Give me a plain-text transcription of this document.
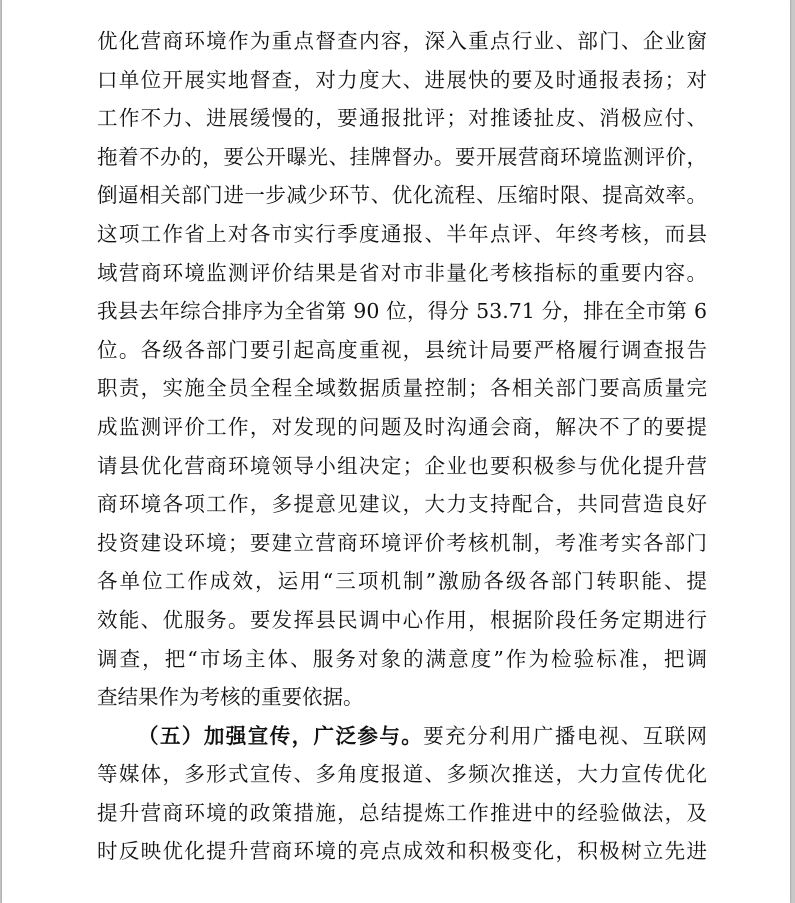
优化营商环境作为重点督查内容，深入重点行业、部门、企业窗
口单位开展实地督查，对力度大、进展快的要及时通报表扬；对
工作不力、进展缓慢的，要通报批评；对推诿扯皮、消极应付、
拖着不办的，要公开曝光、挂牌督办。要开展营商环境监测评价，
倒逼相关部门进一步减少环节、优化流程、压缩时限、提高效率。
这项工作省上对各市实行季度通报、半年点评、年终考核，而县
域营商环境监测评价结果是省对市非量化考核指标的重要内容。
我县去年综合排序为全省第 90 位，得分 53.71 分，排在全市第 6
位。各级各部门要引起高度重视，县统计局要严格履行调查报告
职责，实施全员全程全域数据质量控制；各相关部门要高质量完
成监测评价工作，对发现的问题及时沟通会商，解决不了的要提
请县优化营商环境领导小组决定；企业也要积极参与优化提升营
商环境各项工作，多提意见建议，大力支持配合，共同营造良好
投资建设环境；要建立营商环境评价考核机制，考准考实各部门
各单位工作成效，运用“三项机制”激励各级各部门转职能、提
效能、优服务。要发挥县民调中心作用，根据阶段任务定期进行
调查，把“市场主体、服务对象的满意度”作为检验标准，把调
查结果作为考核的重要依据。
（五）加强宣传，广泛参与。要充分利用广播电视、互联网
等媒体，多形式宣传、多角度报道、多频次推送，大力宣传优化
提升营商环境的政策措施，总结提炼工作推进中的经验做法，及
时反映优化提升营商环境的亮点成效和积极变化，积极树立先进
